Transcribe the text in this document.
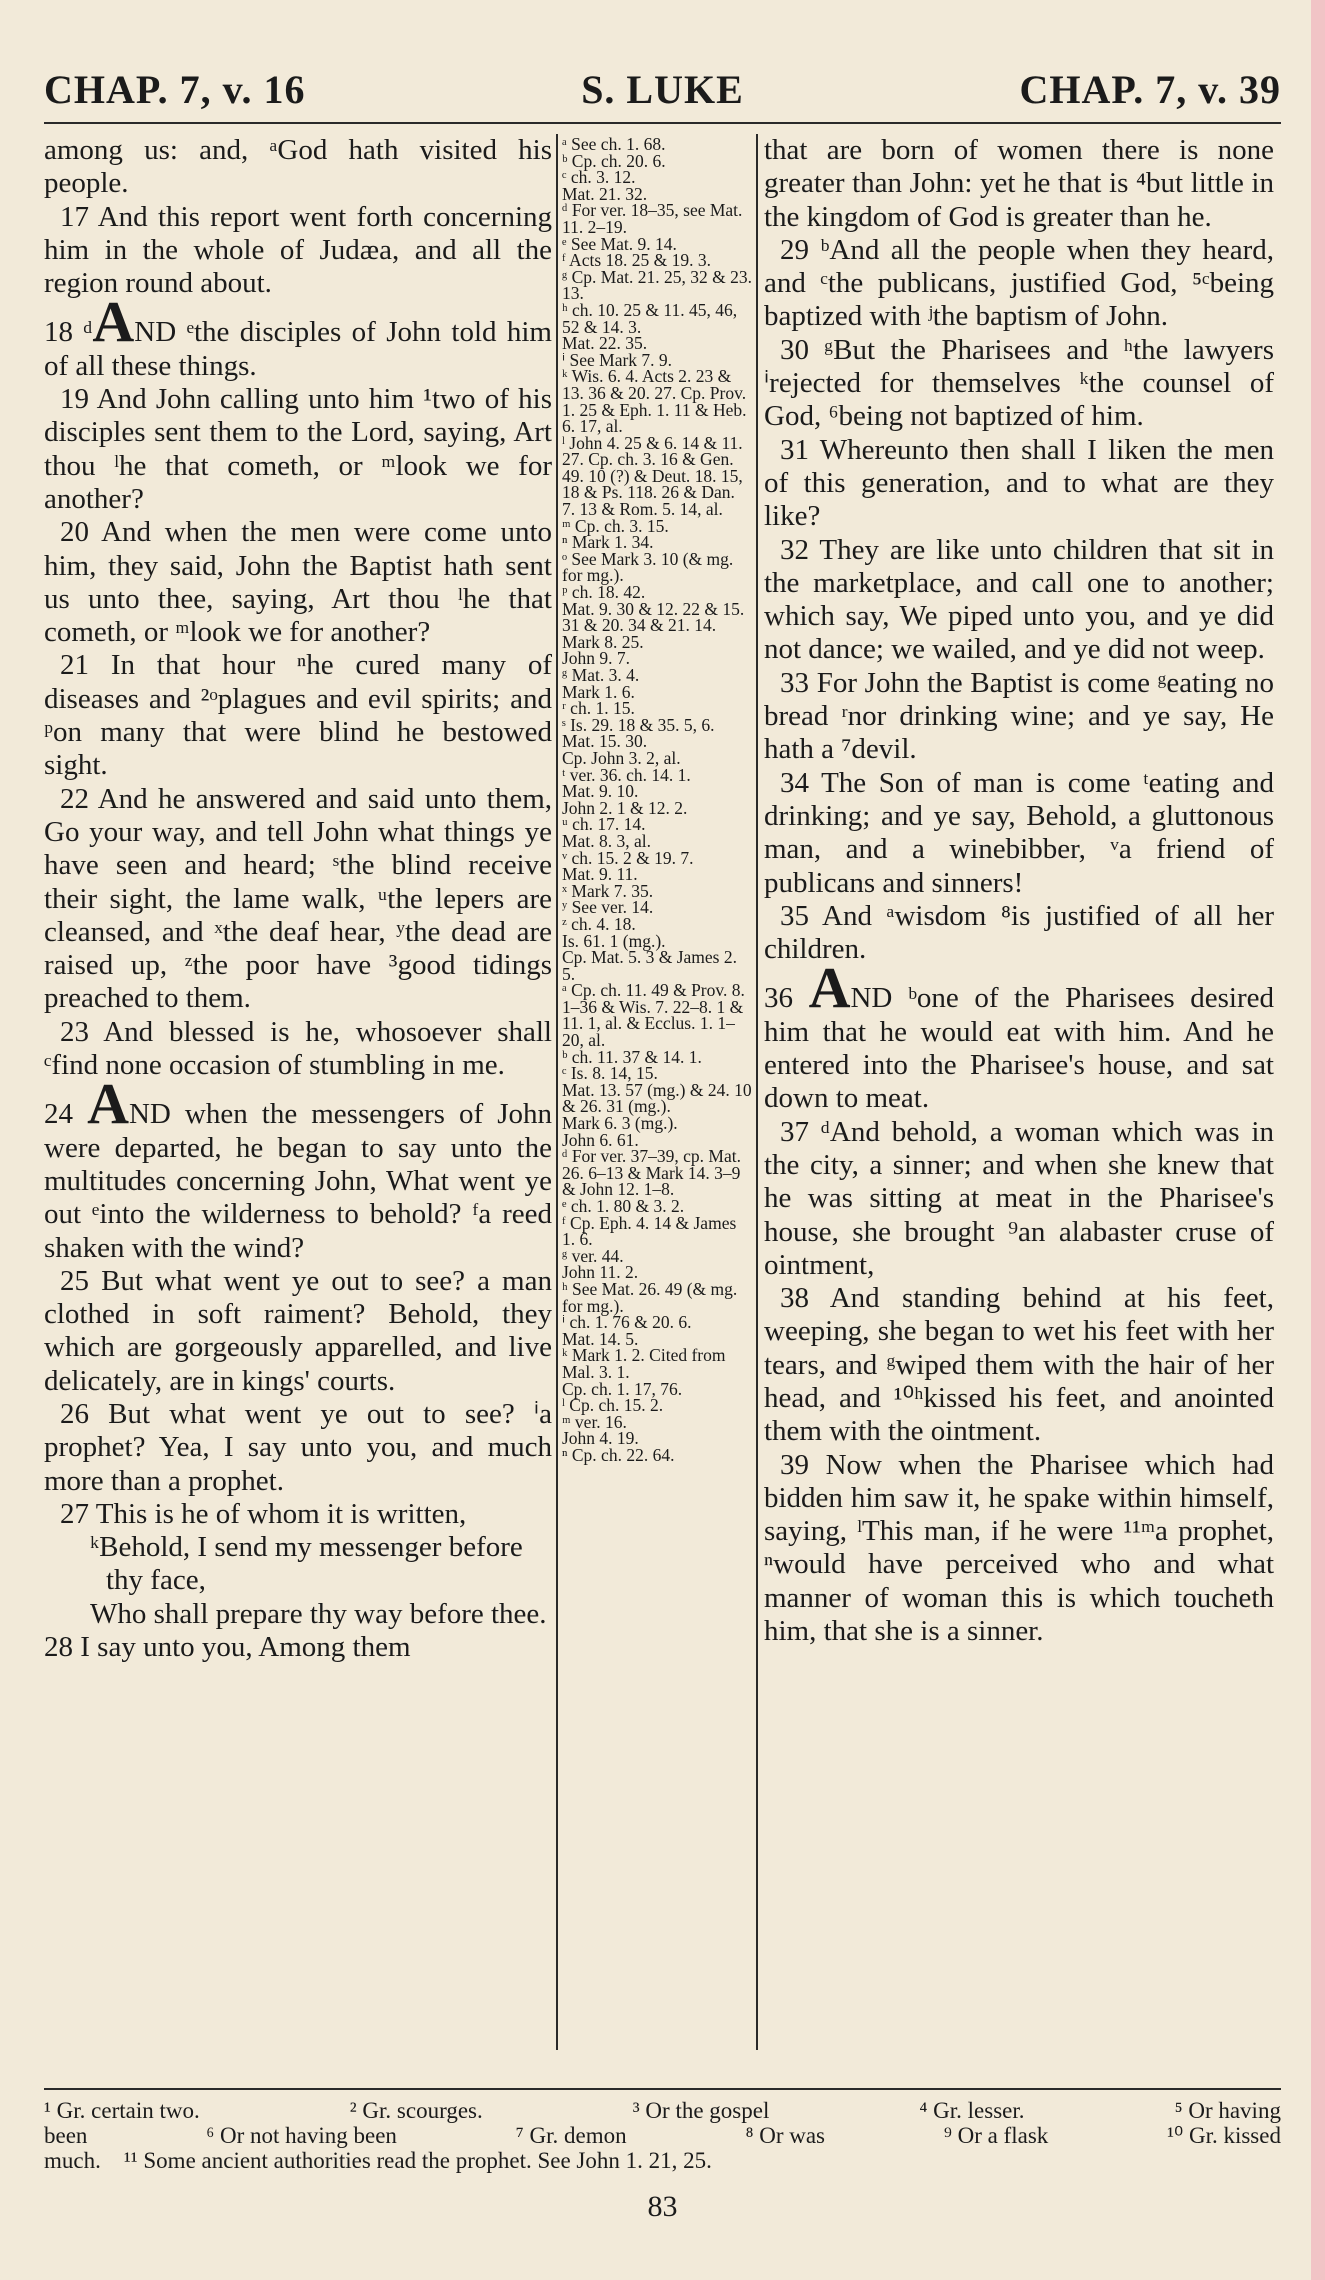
CHAP. 7, v. 16	S. LUKE	CHAP. 7, v. 39

among us: and, ᵃGod hath visited his people.

17 And this report went forth concerning him in the whole of Judæa, and all the region round about.

18 ᵈAND ᵉthe disciples of John told him of all these things.

19 And John calling unto him ¹two of his disciples sent them to the Lord, saying, Art thou ˡhe that cometh, or ᵐlook we for another?

20 And when the men were come unto him, they said, John the Baptist hath sent us unto thee, saying, Art thou ˡhe that cometh, or ᵐlook we for another?

21 In that hour ⁿhe cured many of diseases and ²ᵒplagues and evil spirits; and ᵖon many that were blind he bestowed sight.

22 And he answered and said unto them, Go your way, and tell John what things ye have seen and heard; ˢthe blind receive their sight, the lame walk, ᵘthe lepers are cleansed, and ˣthe deaf hear, ʸthe dead are raised up, ᶻthe poor have ³good tidings preached to them.

23 And blessed is he, whosoever shall ᶜfind none occasion of stumbling in me.

24 AND when the messengers of John were departed, he began to say unto the multitudes concerning John, What went ye out ᵉinto the wilderness to behold? ᶠa reed shaken with the wind?

25 But what went ye out to see? a man clothed in soft raiment? Behold, they which are gorgeously apparelled, and live delicately, are in kings' courts.

26 But what went ye out to see? ⁱa prophet? Yea, I say unto you, and much more than a prophet.

27 This is he of whom it is written,

ᵏBehold, I send my messenger before thy face,

Who shall prepare thy way before thee.

28 I say unto you, Among them

ᵃ See ch. 1. 68.

ᵇ Cp. ch. 20. 6.

ᶜ ch. 3. 12.

Mat. 21. 32.

ᵈ For ver. 18–35, see Mat. 11. 2–19.

ᵉ See Mat. 9. 14.

ᶠ Acts 18. 25 & 19. 3.

ᵍ Cp. Mat. 21. 25, 32 & 23. 13.

ʰ ch. 10. 25 & 11. 45, 46, 52 & 14. 3.

Mat. 22. 35.

ⁱ See Mark 7. 9.

ᵏ Wis. 6. 4. Acts 2. 23 & 13. 36 & 20. 27. Cp. Prov. 1. 25 & Eph. 1. 11 & Heb. 6. 17, al.

ˡ John 4. 25 & 6. 14 & 11. 27. Cp. ch. 3. 16 & Gen. 49. 10 (?) & Deut. 18. 15, 18 & Ps. 118. 26 & Dan. 7. 13 & Rom. 5. 14, al.

ᵐ Cp. ch. 3. 15.

ⁿ Mark 1. 34.

ᵒ See Mark 3. 10 (& mg. for mg.).

ᵖ ch. 18. 42.

Mat. 9. 30 & 12. 22 & 15. 31 & 20. 34 & 21. 14.

Mark 8. 25.

John 9. 7.

ᵍ Mat. 3. 4.

Mark 1. 6.

ʳ ch. 1. 15.

ˢ Is. 29. 18 & 35. 5, 6.

Mat. 15. 30.

Cp. John 3. 2, al.

ᵗ ver. 36. ch. 14. 1.

Mat. 9. 10.

John 2. 1 & 12. 2.

ᵘ ch. 17. 14.

Mat. 8. 3, al.

ᵛ ch. 15. 2 & 19. 7.

Mat. 9. 11.

ˣ Mark 7. 35.

ʸ See ver. 14.

ᶻ ch. 4. 18.

Is. 61. 1 (mg.).

Cp. Mat. 5. 3 & James 2. 5.

ᵃ Cp. ch. 11. 49 & Prov. 8. 1–36 & Wis. 7. 22–8. 1 & 11. 1, al. & Ecclus. 1. 1–20, al.

ᵇ ch. 11. 37 & 14. 1.

ᶜ Is. 8. 14, 15.

Mat. 13. 57 (mg.) & 24. 10 & 26. 31 (mg.).

Mark 6. 3 (mg.).

John 6. 61.

ᵈ For ver. 37–39, cp. Mat. 26. 6–13 & Mark 14. 3–9 & John 12. 1–8.

ᵉ ch. 1. 80 & 3. 2.

ᶠ Cp. Eph. 4. 14 & James 1. 6.

ᵍ ver. 44.

John 11. 2.

ʰ See Mat. 26. 49 (& mg. for mg.).

ⁱ ch. 1. 76 & 20. 6.

Mat. 14. 5.

ᵏ Mark 1. 2. Cited from Mal. 3. 1.

Cp. ch. 1. 17, 76.

ˡ Cp. ch. 15. 2.

ᵐ ver. 16.

John 4. 19.

ⁿ Cp. ch. 22. 64.

that are born of women there is none greater than John: yet he that is ⁴but little in the kingdom of God is greater than he.

29 ᵇAnd all the people when they heard, and ᶜthe publicans, justified God, ⁵ᶜbeing baptized with ʲthe baptism of John.

30 ᵍBut the Pharisees and ʰthe lawyers ⁱrejected for themselves ᵏthe counsel of God, ⁶being not baptized of him.

31 Whereunto then shall I liken the men of this generation, and to what are they like?

32 They are like unto children that sit in the marketplace, and call one to another; which say, We piped unto you, and ye did not dance; we wailed, and ye did not weep.

33 For John the Baptist is come ᵍeating no bread ʳnor drinking wine; and ye say, He hath a ⁷devil.

34 The Son of man is come ᵗeating and drinking; and ye say, Behold, a gluttonous man, and a winebibber, ᵛa friend of publicans and sinners!

35 And ᵃwisdom ⁸is justified of all her children.

36 AND ᵇone of the Pharisees desired him that he would eat with him. And he entered into the Pharisee's house, and sat down to meat.

37 ᵈAnd behold, a woman which was in the city, a sinner; and when she knew that he was sitting at meat in the Pharisee's house, she brought ⁹an alabaster cruse of ointment,

38 And standing behind at his feet, weeping, she began to wet his feet with her tears, and ᵍwiped them with the hair of her head, and ¹⁰ʰkissed his feet, and anointed them with the ointment.

39 Now when the Pharisee which had bidden him saw it, he spake within himself, saying, ˡThis man, if he were ¹¹ᵐa prophet, ⁿwould have perceived who and what manner of woman this is which toucheth him, that she is a sinner.

¹ Gr. certain two.	² Gr. scourges.	³ Or the gospel	⁴ Gr. lesser.	⁵ Or having
been	⁶ Or not having been	⁷ Gr. demon	⁸ Or was	⁹ Or a flask	¹⁰ Gr. kissed
much.    ¹¹ Some ancient authorities read the prophet. See John 1. 21, 25.
83
